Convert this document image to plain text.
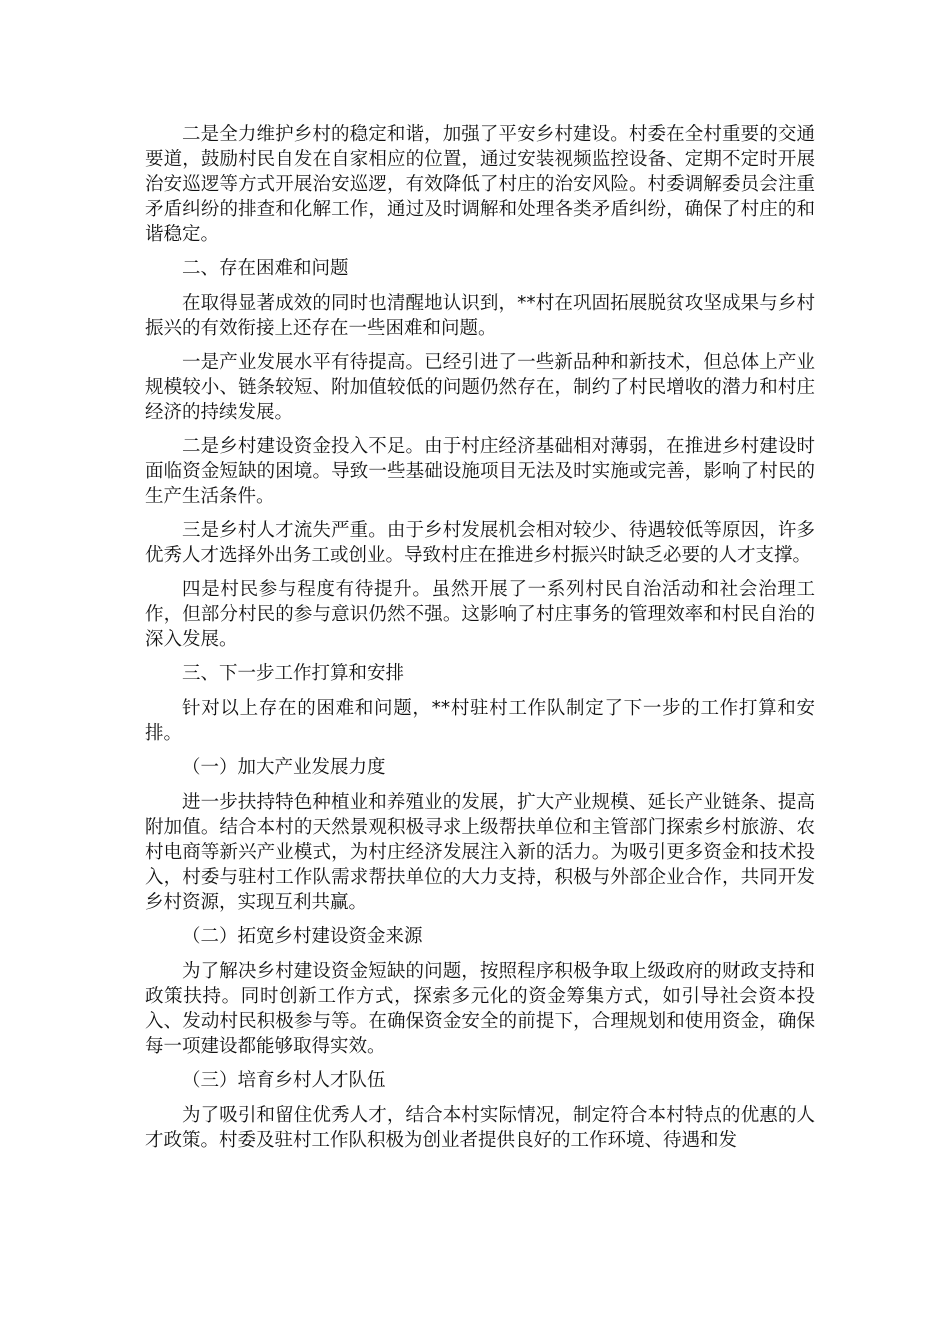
二是全力维护乡村的稳定和谐，加强了平安乡村建设。村委在全村重要的交通要道，鼓励村民自发在自家相应的位置，通过安装视频监控设备、定期不定时开展治安巡逻等方式开展治安巡逻，有效降低了村庄的治安风险。村委调解委员会注重矛盾纠纷的排查和化解工作，通过及时调解和处理各类矛盾纠纷，确保了村庄的和谐稳定。

二、存在困难和问题

在取得显著成效的同时也清醒地认识到，**村在巩固拓展脱贫攻坚成果与乡村振兴的有效衔接上还存在一些困难和问题。

一是产业发展水平有待提高。已经引进了一些新品种和新技术，但总体上产业规模较小、链条较短、附加值较低的问题仍然存在，制约了村民增收的潜力和村庄经济的持续发展。

二是乡村建设资金投入不足。由于村庄经济基础相对薄弱，在推进乡村建设时面临资金短缺的困境。导致一些基础设施项目无法及时实施或完善，影响了村民的生产生活条件。

三是乡村人才流失严重。由于乡村发展机会相对较少、待遇较低等原因，许多优秀人才选择外出务工或创业。导致村庄在推进乡村振兴时缺乏必要的人才支撑。

四是村民参与程度有待提升。虽然开展了一系列村民自治活动和社会治理工作，但部分村民的参与意识仍然不强。这影响了村庄事务的管理效率和村民自治的深入发展。

三、下一步工作打算和安排

针对以上存在的困难和问题，**村驻村工作队制定了下一步的工作打算和安排。

（一）加大产业发展力度

进一步扶持特色种植业和养殖业的发展，扩大产业规模、延长产业链条、提高附加值。结合本村的天然景观积极寻求上级帮扶单位和主管部门探索乡村旅游、农村电商等新兴产业模式，为村庄经济发展注入新的活力。为吸引更多资金和技术投入，村委与驻村工作队需求帮扶单位的大力支持，积极与外部企业合作，共同开发乡村资源，实现互利共赢。

（二）拓宽乡村建设资金来源

为了解决乡村建设资金短缺的问题，按照程序积极争取上级政府的财政支持和政策扶持。同时创新工作方式，探索多元化的资金筹集方式，如引导社会资本投入、发动村民积极参与等。在确保资金安全的前提下，合理规划和使用资金，确保每一项建设都能够取得实效。

（三）培育乡村人才队伍

为了吸引和留住优秀人才，结合本村实际情况，制定符合本村特点的优惠的人才政策。村委及驻村工作队积极为创业者提供良好的工作环境、待遇和发
